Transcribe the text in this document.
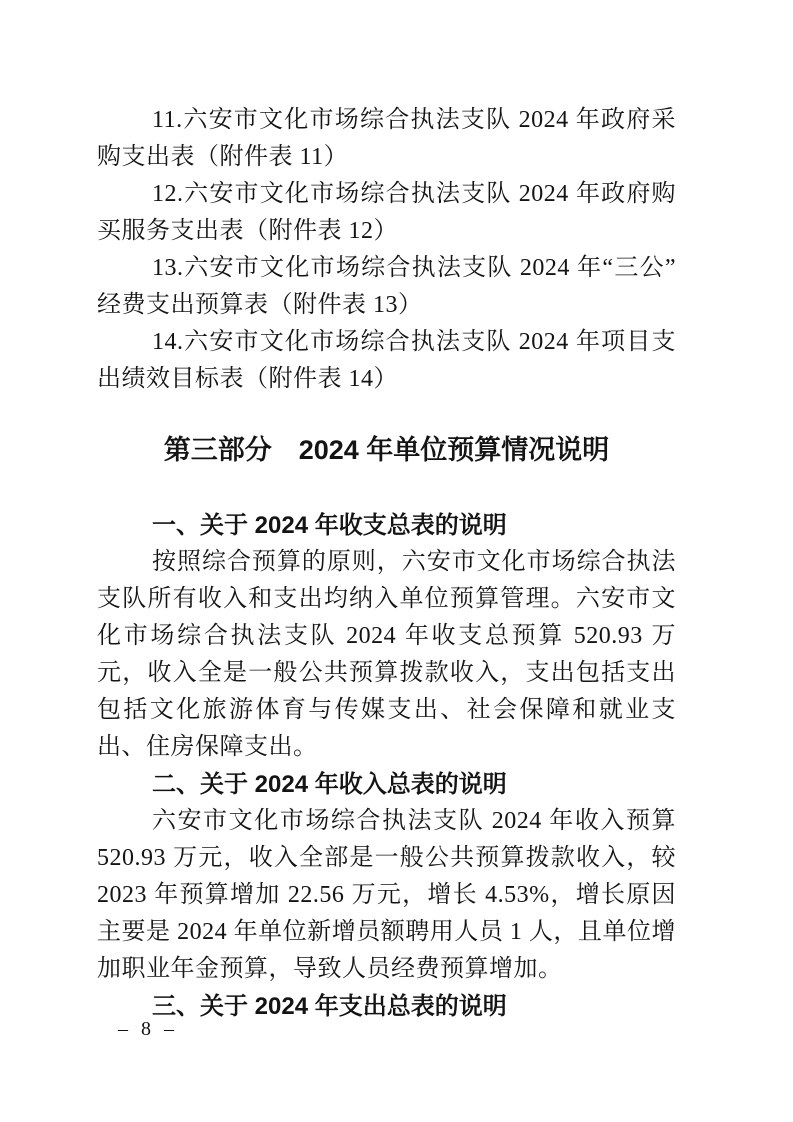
11.六安市文化市场综合执法支队 2024 年政府采购支出表（附件表 11）

12.六安市文化市场综合执法支队 2024 年政府购买服务支出表（附件表 12）

13.六安市文化市场综合执法支队 2024 年“三公”经费支出预算表（附件表 13）

14.六安市文化市场综合执法支队 2024 年项目支出绩效目标表（附件表 14）

第三部分　2024 年单位预算情况说明
一、关于 2024 年收支总表的说明

按照综合预算的原则，六安市文化市场综合执法支队所有收入和支出均纳入单位预算管理。六安市文化市场综合执法支队 2024 年收支总预算 520.93 万元，收入全是一般公共预算拨款收入，支出包括支出包括文化旅游体育与传媒支出、社会保障和就业支出、住房保障支出。

二、关于 2024 年收入总表的说明

六安市文化市场综合执法支队 2024 年收入预算 520.93 万元，收入全部是一般公共预算拨款收入，较 2023 年预算增加 22.56 万元，增长 4.53%，增长原因主要是 2024 年单位新增员额聘用人员 1 人，且单位增加职业年金预算，导致人员经费预算增加。

三、关于 2024 年支出总表的说明
– 8 –
